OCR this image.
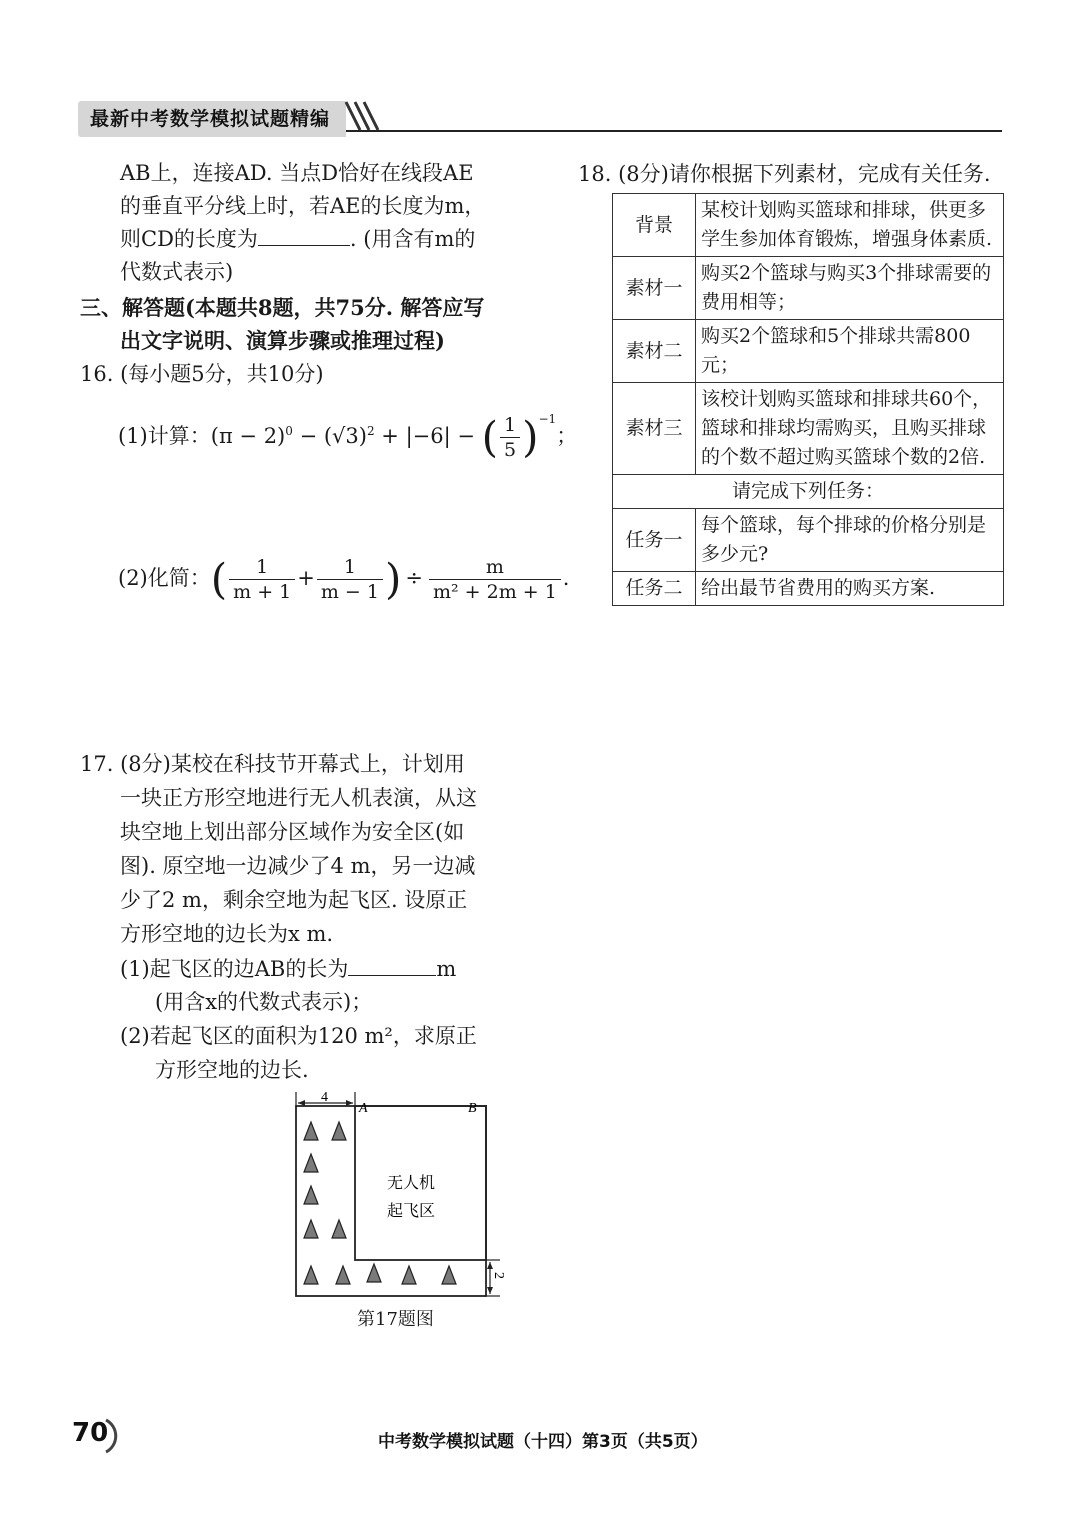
最新中考数学模拟试题精编
AB上，连接AD. 当点D恰好在线段AE
的垂直平分线上时，若AE的长度为m，
则CD的长度为	. (用含有m的
代数式表示)
三、解答题(本题共8题，共75分. 解答应写
出文字说明、演算步骤或推理过程)
16. (每小题5分，共10分)
(1)计算：$(\pi - 2)^0 - (√3)^2 + |-6|$ − ( $\frac{1}{5} )^{-1}$；
(2)化简：( $\frac{1}{m + 1} + \frac{1}{m - 1}$ ) ÷ $\frac{m}{\text{m² + 2m + 1}}$ .
17. (8分)某校在科技节开幕式上，计划用
一块正方形空地进行无人机表演，从这
块空地上划出部分区域作为安全区(如
图). 原空地一边减少了4 m，另一边减
少了2 m，剩余空地为起飞区. 设原正
方形空地的边长为x m.
(1)起飞区的边AB的长为	m
(用含x的代数式表示)；
(2)若起飞区的面积为120 m²，求原正
方形空地的边长.
4
A	B
无人机
起飞区
2
第17题图
18. (8分)请你根据下列素材，完成有关任务.
背景	某校计划购买篮球和排球，供更多学生参加体育锻炼，增强身体素质.
素材一	购买2个篮球与购买3个排球需要的费用相等；
素材二	购买2个篮球和5个排球共需800元；
素材三	该校计划购买篮球和排球共60个，篮球和排球均需购买，且购买排球的个数不超过购买篮球个数的2倍.
请完成下列任务：	
任务一	每个篮球，每个排球的价格分别是多少元?
任务二	给出最节省费用的购买方案.
70	中考数学模拟试题（十四）第3页（共5页）
